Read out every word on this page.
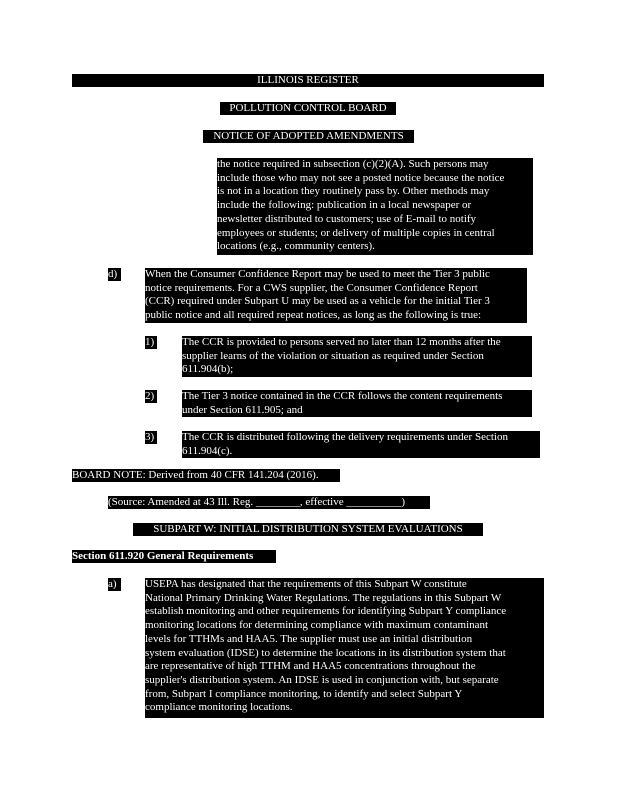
ILLINOIS REGISTER
POLLUTION CONTROL BOARD
NOTICE OF ADOPTED AMENDMENTS
the notice required in subsection (c)(2)(A). Such persons may
include those who may not see a posted notice because the notice
is not in a location they routinely pass by. Other methods may
include the following: publication in a local newspaper or
newsletter distributed to customers; use of E-mail to notify
employees or students; or delivery of multiple copies in central
locations (e.g., community centers).
d)	When the Consumer Confidence Report may be used to meet the Tier 3 public
notice requirements. For a CWS supplier, the Consumer Confidence Report
(CCR) required under Subpart U may be used as a vehicle for the initial Tier 3
public notice and all required repeat notices, as long as the following is true:
1)	The CCR is provided to persons served no later than 12 months after the
supplier learns of the violation or situation as required under Section
611.904(b);
2)	The Tier 3 notice contained in the CCR follows the content requirements
under Section 611.905; and
3)	The CCR is distributed following the delivery requirements under Section
611.904(c).
BOARD NOTE: Derived from 40 CFR 141.204 (2016).
(Source: Amended at 43 Ill. Reg. ________, effective __________)
SUBPART W: INITIAL DISTRIBUTION SYSTEM EVALUATIONS
Section 611.920 General Requirements
a)	USEPA has designated that the requirements of this Subpart W constitute
National Primary Drinking Water Regulations. The regulations in this Subpart W
establish monitoring and other requirements for identifying Subpart Y compliance
monitoring locations for determining compliance with maximum contaminant
levels for TTHMs and HAA5. The supplier must use an initial distribution
system evaluation (IDSE) to determine the locations in its distribution system that
are representative of high TTHM and HAA5 concentrations throughout the
supplier's distribution system. An IDSE is used in conjunction with, but separate
from, Subpart I compliance monitoring, to identify and select Subpart Y
compliance monitoring locations.
